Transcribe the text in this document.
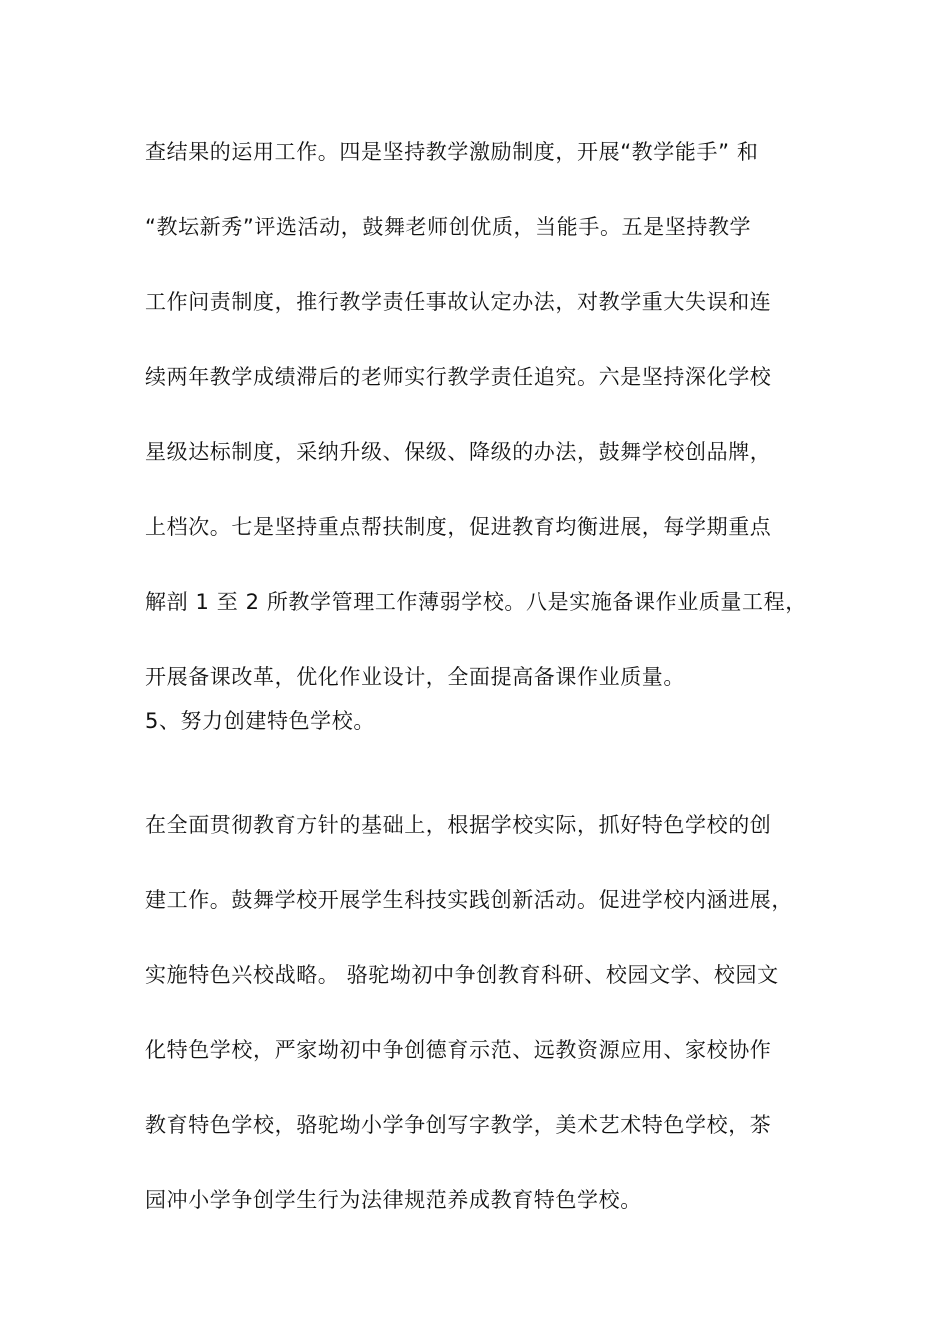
查结果的运用工作。四是坚持教学激励制度，开展“教学能手” 和
“教坛新秀”评选活动，鼓舞老师创优质，当能手。五是坚持教学
工作问责制度，推行教学责任事故认定办法，对教学重大失误和连
续两年教学成绩滞后的老师实行教学责任追究。六是坚持深化学校
星级达标制度，采纳升级、保级、降级的办法，鼓舞学校创品牌，
上档次。七是坚持重点帮扶制度，促进教育均衡进展，每学期重点
解剖 1 至 2 所教学管理工作薄弱学校。八是实施备课作业质量工程，
开展备课改革，优化作业设计，全面提高备课作业质量。
5、努力创建特色学校。
在全面贯彻教育方针的基础上，根据学校实际，抓好特色学校的创
建工作。鼓舞学校开展学生科技实践创新活动。促进学校内涵进展，
实施特色兴校战略。 骆驼坳初中争创教育科研、校园文学、校园文
化特色学校，严家坳初中争创德育示范、远教资源应用、家校协作
教育特色学校，骆驼坳小学争创写字教学，美术艺术特色学校，茶
园冲小学争创学生行为法律规范养成教育特色学校。
